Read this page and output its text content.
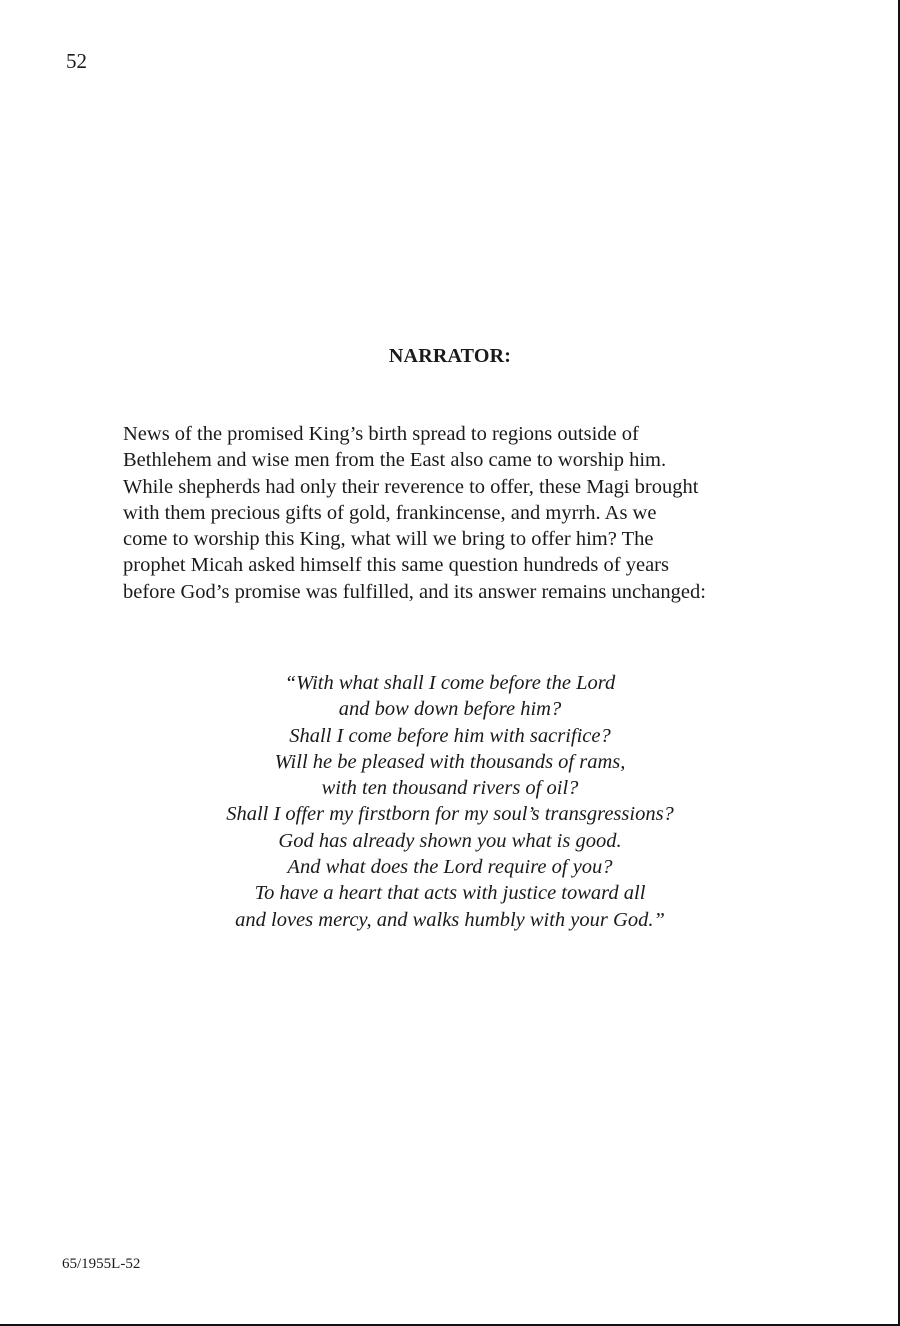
52
NARRATOR:
News of the promised King’s birth spread to regions outside of
Bethlehem and wise men from the East also came to worship him.
While shepherds had only their reverence to offer, these Magi brought
with them precious gifts of gold, frankincense, and myrrh. As we
come to worship this King, what will we bring to offer him? The
prophet Micah asked himself this same question hundreds of years
before God’s promise was fulfilled, and its answer remains unchanged:
“With what shall I come before the Lord
and bow down before him?
Shall I come before him with sacrifice?
Will he be pleased with thousands of rams,
with ten thousand rivers of oil?
Shall I offer my firstborn for my soul’s transgressions?
God has already shown you what is good.
And what does the Lord require of you?
To have a heart that acts with justice toward all
and loves mercy, and walks humbly with your God.”
65/1955L-52
